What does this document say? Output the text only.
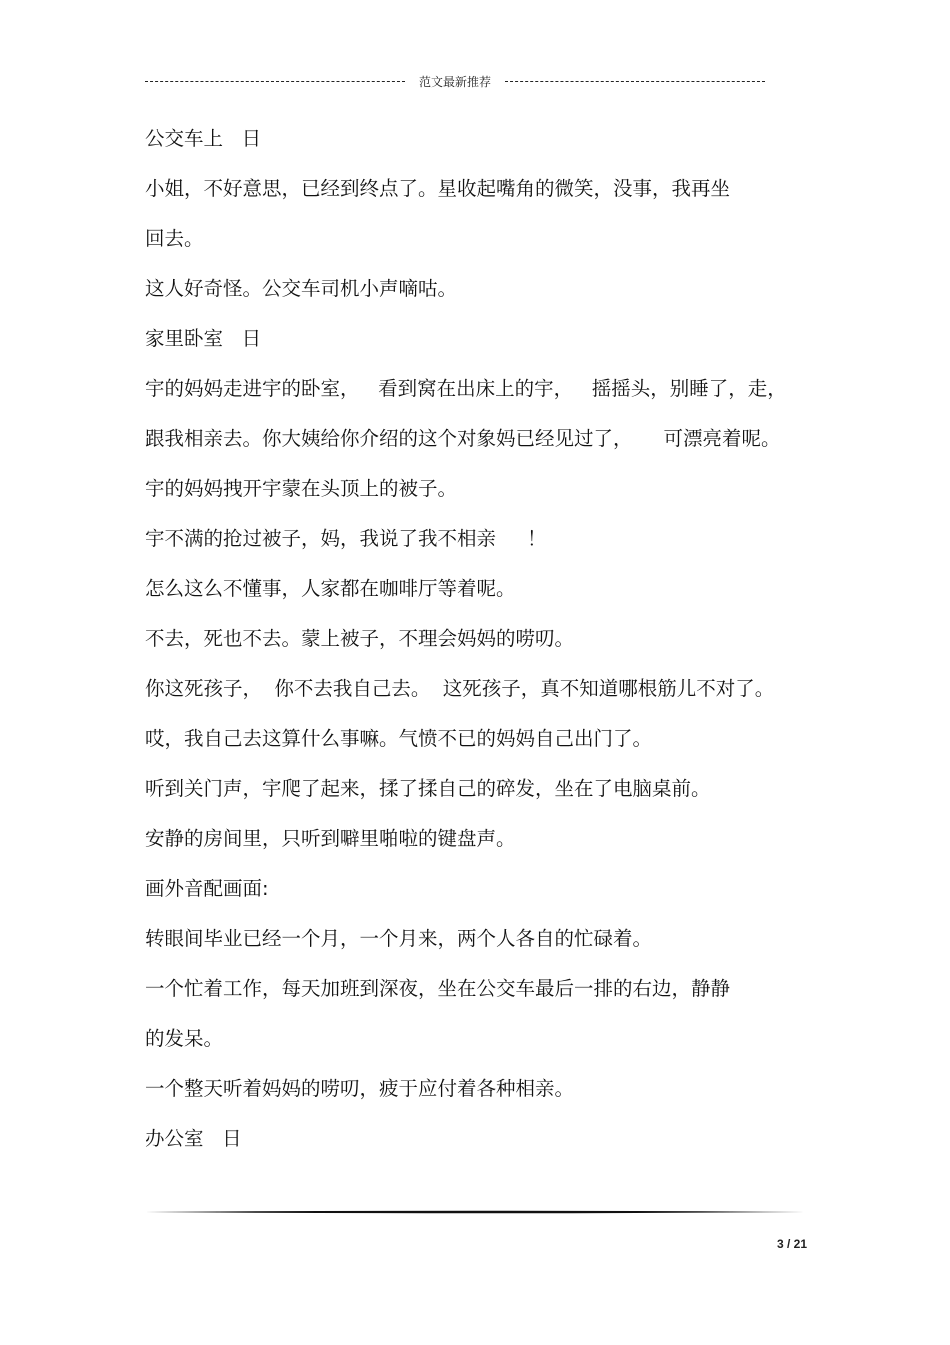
范文最新推荐
公交车上   日
小姐，不好意思，已经到终点了。星收起嘴角的微笑，没事，我再坐
回去。
这人好奇怪。公交车司机小声嘀咕。
家里卧室   日
宇的妈妈走进宇的卧室，   看到窝在出床上的宇，   摇摇头，别睡了，走，
跟我相亲去。你大姨给你介绍的这个对象妈已经见过了，     可漂亮着呢。
宇的妈妈拽开宇蒙在头顶上的被子。
宇不满的抢过被子，妈，我说了我不相亲     ！
怎么这么不懂事，人家都在咖啡厅等着呢。
不去，死也不去。蒙上被子，不理会妈妈的唠叨。
你这死孩子，  你不去我自己去。  这死孩子，真不知道哪根筋儿不对了。
哎，我自己去这算什么事嘛。气愤不已的妈妈自己出门了。
听到关门声，宇爬了起来，揉了揉自己的碎发，坐在了电脑桌前。
安静的房间里，只听到噼里啪啦的键盘声。
画外音配画面:
转眼间毕业已经一个月，一个月来，两个人各自的忙碌着。
一个忙着工作，每天加班到深夜，坐在公交车最后一排的右边，静静
的发呆。
一个整天听着妈妈的唠叨，疲于应付着各种相亲。
办公室   日
3 / 21
